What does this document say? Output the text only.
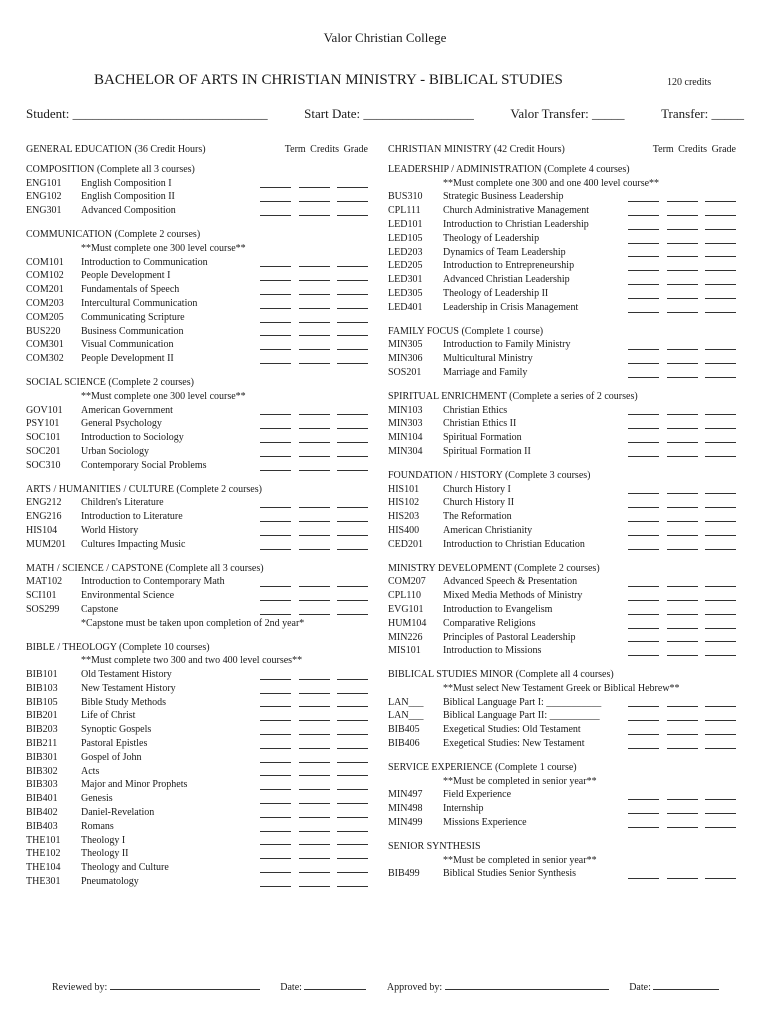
Valor Christian College
BACHELOR OF ARTS IN CHRISTIAN MINISTRY - BIBLICAL STUDIES	120 credits
Student: ______________________________	Start Date: _________________	Valor Transfer: _____	Transfer: _____
GENERAL EDUCATION (36 Credit Hours)	Term Credits Grade
COMPOSITION (Complete all 3 courses)
ENG101	English Composition I
ENG102	English Composition II
ENG301	Advanced Composition
COMMUNICATION (Complete 2 courses)
**Must complete one 300 level course**
COM101	Introduction to Communication
COM102	People Development I
COM201	Fundamentals of Speech
COM203	Intercultural Communication
COM205	Communicating Scripture
BUS220	Business Communication
COM301	Visual Communication
COM302	People Development II
SOCIAL SCIENCE (Complete 2 courses)
**Must complete one 300 level course**
GOV101	American Government
PSY101	General Psychology
SOC101	Introduction to Sociology
SOC201	Urban Sociology
SOC310	Contemporary Social Problems
ARTS / HUMANITIES / CULTURE (Complete 2 courses)
ENG212	Children's Literature
ENG216	Introduction to Literature
HIS104	World History
MUM201	Cultures Impacting Music
MATH / SCIENCE / CAPSTONE (Complete all 3 courses)
MAT102	Introduction to Contemporary Math
SCI101	Environmental Science
SOS299	Capstone
*Capstone must be taken upon completion of 2nd year*
BIBLE / THEOLOGY (Complete 10 courses)
**Must complete two 300 and two 400 level courses**
BIB101	Old Testament History
BIB103	New Testament History
BIB105	Bible Study Methods
BIB201	Life of Christ
BIB203	Synoptic Gospels
BIB211	Pastoral Epistles
BIB301	Gospel of John
BIB302	Acts
BIB303	Major and Minor Prophets
BIB401	Genesis
BIB402	Daniel-Revelation
BIB403	Romans
THE101	Theology I
THE102	Theology II
THE104	Theology and Culture
THE301	Pneumatology
CHRISTIAN MINISTRY (42 Credit Hours)	Term Credits Grade
LEADERSHIP / ADMINISTRATION (Complete 4 courses)
**Must complete one 300 and one 400 level course**
BUS310	Strategic Business Leadership
CPL111	Church Administrative Management
LED101	Introduction to Christian Leadership
LED105	Theology of Leadership
LED203	Dynamics of Team Leadership
LED205	Introduction to Entrepreneurship
LED301	Advanced Christian Leadership
LED305	Theology of Leadership II
LED401	Leadership in Crisis Management
FAMILY FOCUS (Complete 1 course)
MIN305	Introduction to Family Ministry
MIN306	Multicultural Ministry
SOS201	Marriage and Family
SPIRITUAL ENRICHMENT (Complete a series of 2 courses)
MIN103	Christian Ethics
MIN303	Christian Ethics II
MIN104	Spiritual Formation
MIN304	Spiritual Formation II
FOUNDATION / HISTORY (Complete 3 courses)
HIS101	Church History I
HIS102	Church History II
HIS203	The Reformation
HIS400	American Christianity
CED201	Introduction to Christian Education
MINISTRY DEVELOPMENT (Complete 2 courses)
COM207	Advanced Speech & Presentation
CPL110	Mixed Media Methods of Ministry
EVG101	Introduction to Evangelism
HUM104	Comparative Religions
MIN226	Principles of Pastoral Leadership
MIS101	Introduction to Missions
BIBLICAL STUDIES MINOR (Complete all 4 courses)
**Must select New Testament Greek or Biblical Hebrew**
LAN___	Biblical Language Part I: ___________
LAN___	Biblical Language Part II: __________
BIB405	Exegetical Studies: Old Testament
BIB406	Exegetical Studies: New Testament
SERVICE EXPERIENCE (Complete 1 course)
**Must be completed in senior year**
MIN497	Field Experience
MIN498	Internship
MIN499	Missions Experience
SENIOR SYNTHESIS
**Must be completed in senior year**
BIB499	Biblical Studies Senior Synthesis
Reviewed by:	Date:	Approved by:	Date:
